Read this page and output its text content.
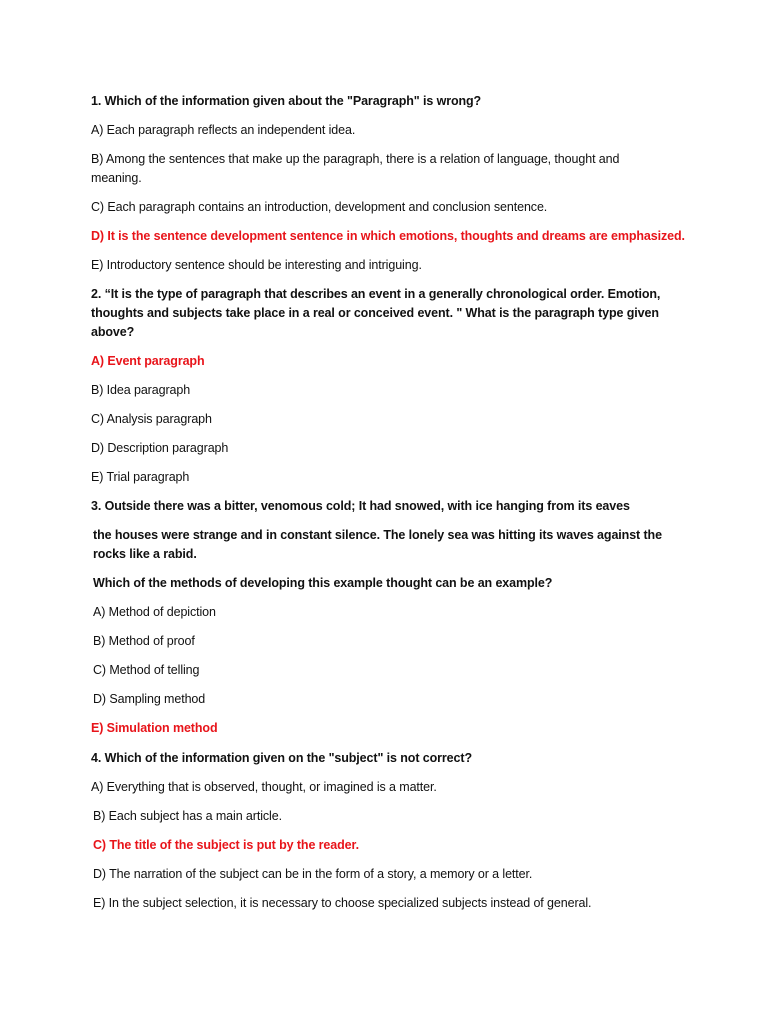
1. Which of the information given about the "Paragraph" is wrong?
A) Each paragraph reflects an independent idea.
B) Among the sentences that make up the paragraph, there is a relation of language, thought and meaning.
C) Each paragraph contains an introduction, development and conclusion sentence.
D) It is the sentence development sentence in which emotions, thoughts and dreams are emphasized.
E) Introductory sentence should be interesting and intriguing.
2. “It is the type of paragraph that describes an event in a generally chronological order. Emotion, thoughts and subjects take place in a real or conceived event. " What is the paragraph type given above?
A) Event paragraph
B) Idea paragraph
C) Analysis paragraph
D) Description paragraph
E) Trial paragraph
3. Outside there was a bitter, venomous cold; It had snowed, with ice hanging from its eaves
the houses were strange and in constant silence. The lonely sea was hitting its waves against the rocks like a rabid.
Which of the methods of developing this example thought can be an example?
A) Method of depiction
B) Method of proof
C) Method of telling
D) Sampling method
E) Simulation method
4. Which of the information given on the "subject" is not correct?
A) Everything that is observed, thought, or imagined is a matter.
B) Each subject has a main article.
C) The title of the subject is put by the reader.
D) The narration of the subject can be in the form of a story, a memory or a letter.
E) In the subject selection, it is necessary to choose specialized subjects instead of general.
